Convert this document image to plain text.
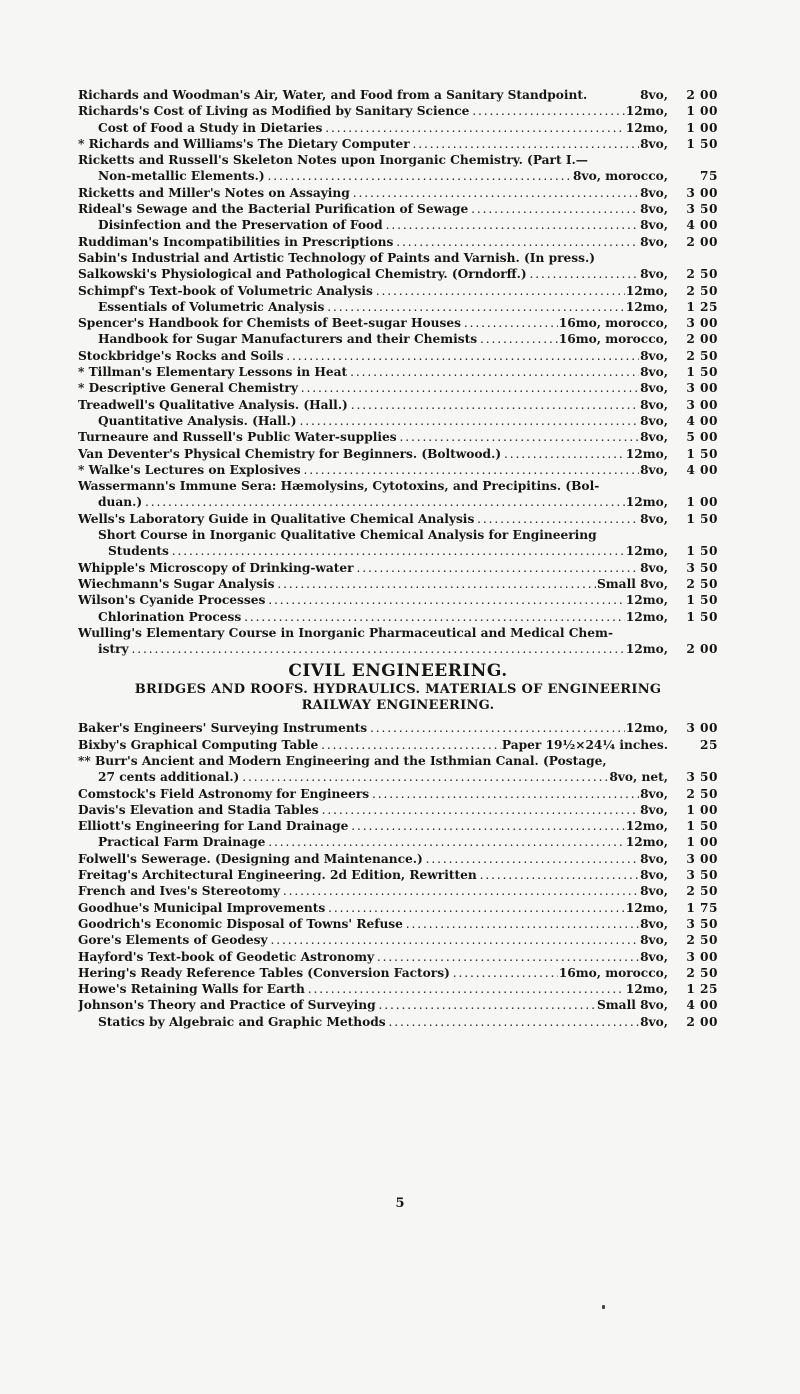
Richards and Woodman's Air, Water, and Food from a Sanitary Standpoint.	8vo,	2 00
Richards's Cost of Living as Modified by Sanitary Science . . .	12mo,	1 00
Cost of Food a Study in Dietaries . . .	12mo,	1 00
* Richards and Williams's The Dietary Computer . . .	8vo,	1 50
Ricketts and Russell's Skeleton Notes upon Inorganic Chemistry. (Part I.—
Non-metallic Elements.) . . .	8vo, morocco,	75
Ricketts and Miller's Notes on Assaying . . .	8vo,	3 00
Rideal's Sewage and the Bacterial Purification of Sewage . . .	8vo,	3 50
Disinfection and the Preservation of Food . . .	8vo,	4 00
Ruddiman's Incompatibilities in Prescriptions . . .	8vo,	2 00
Sabin's Industrial and Artistic Technology of Paints and Varnish. (In press.)
Salkowski's Physiological and Pathological Chemistry. (Orndorff.) . . .	8vo,	2 50
Schimpf's Text-book of Volumetric Analysis . . .	12mo,	2 50
Essentials of Volumetric Analysis . . .	12mo,	1 25
Spencer's Handbook for Chemists of Beet-sugar Houses . . .	16mo, morocco,	3 00
Handbook for Sugar Manufacturers and their Chemists . . .	16mo, morocco,	2 00
Stockbridge's Rocks and Soils . . .	8vo,	2 50
* Tillman's Elementary Lessons in Heat . . .	8vo,	1 50
* Descriptive General Chemistry . . .	8vo,	3 00
Treadwell's Qualitative Analysis. (Hall.) . . .	8vo,	3 00
Quantitative Analysis. (Hall.) . . .	8vo,	4 00
Turneaure and Russell's Public Water-supplies . . .	8vo,	5 00
Van Deventer's Physical Chemistry for Beginners. (Boltwood.) . . .	12mo,	1 50
* Walke's Lectures on Explosives . . .	8vo,	4 00
Wassermann's Immune Sera: Hæmolysins, Cytotoxins, and Precipitins. (Bol-
duan.) . . .	12mo,	1 00
Wells's Laboratory Guide in Qualitative Chemical Analysis . . .	8vo,	1 50
Short Course in Inorganic Qualitative Chemical Analysis for Engineering
Students . . .	12mo,	1 50
Whipple's Microscopy of Drinking-water . . .	8vo,	3 50
Wiechmann's Sugar Analysis . . .	Small 8vo,	2 50
Wilson's Cyanide Processes . . .	12mo,	1 50
Chlorination Process . . .	12mo,	1 50
Wulling's Elementary Course in Inorganic Pharmaceutical and Medical Chem-
istry . . .	12mo,	2 00
CIVIL ENGINEERING.
BRIDGES AND ROOFS. HYDRAULICS. MATERIALS OF ENGINEERING
RAILWAY ENGINEERING.
Baker's Engineers' Surveying Instruments . . .	12mo,	3 00
Bixby's Graphical Computing Table . . .	Paper 19½×24¼ inches.	25
** Burr's Ancient and Modern Engineering and the Isthmian Canal. (Postage,
27 cents additional.) . . .	8vo, net,	3 50
Comstock's Field Astronomy for Engineers . . .	8vo,	2 50
Davis's Elevation and Stadia Tables . . .	8vo,	1 00
Elliott's Engineering for Land Drainage . . .	12mo,	1 50
Practical Farm Drainage . . .	12mo,	1 00
Folwell's Sewerage. (Designing and Maintenance.) . . .	8vo,	3 00
Freitag's Architectural Engineering. 2d Edition, Rewritten . . .	8vo,	3 50
French and Ives's Stereotomy . . .	8vo,	2 50
Goodhue's Municipal Improvements . . .	12mo,	1 75
Goodrich's Economic Disposal of Towns' Refuse . . .	8vo,	3 50
Gore's Elements of Geodesy . . .	8vo,	2 50
Hayford's Text-book of Geodetic Astronomy . . .	8vo,	3 00
Hering's Ready Reference Tables (Conversion Factors) . . .	16mo, morocco,	2 50
Howe's Retaining Walls for Earth . . .	12mo,	1 25
Johnson's Theory and Practice of Surveying . . .	Small 8vo,	4 00
Statics by Algebraic and Graphic Methods . . .	8vo,	2 00
5
